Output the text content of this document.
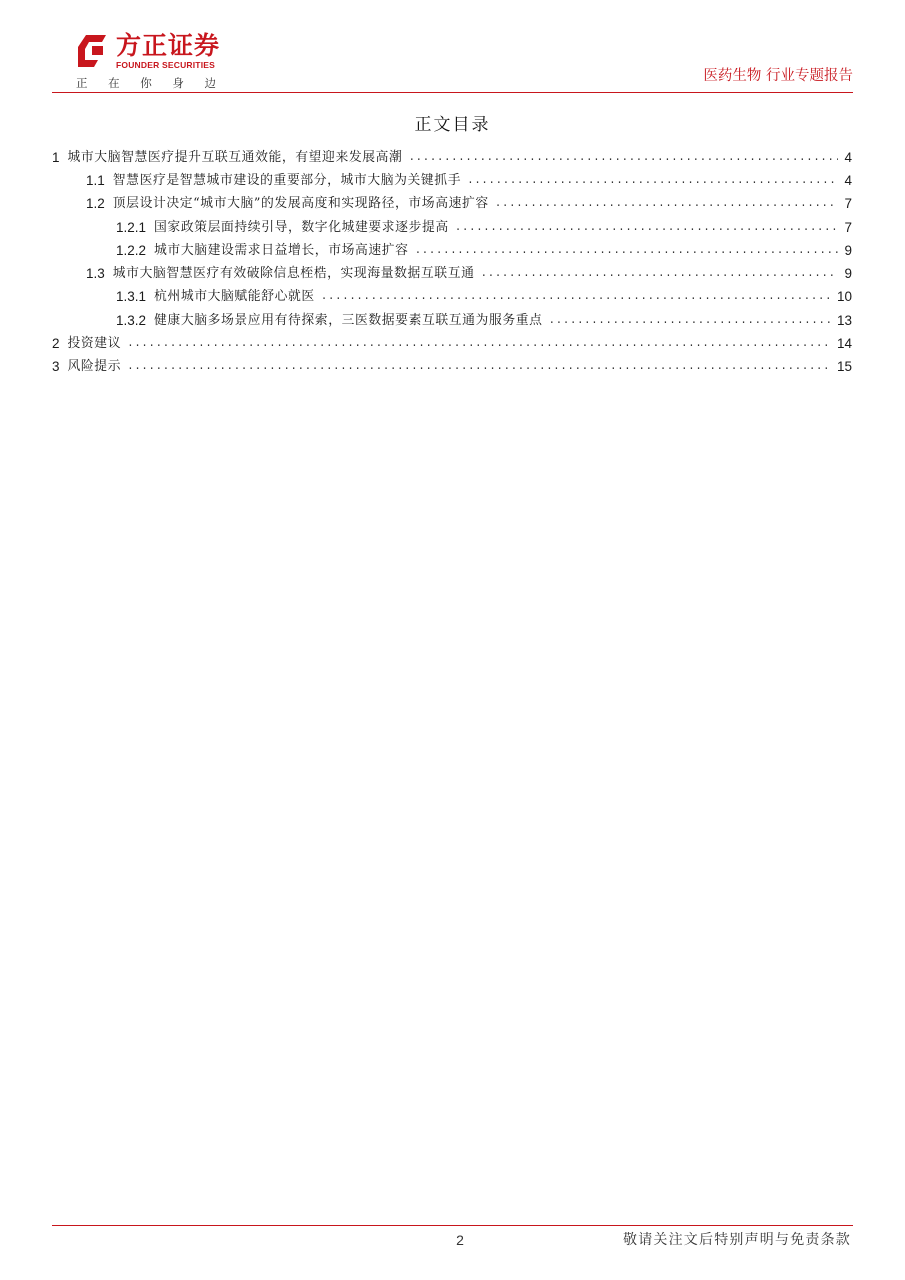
方正证券
FOUNDER SECURITIES
正 在 你 身 边	医药生物 行业专题报告
正文目录
1 城市大脑智慧医疗提升互联互通效能，有望迎来发展高潮 .....	4
1.1 智慧医疗是智慧城市建设的重要部分，城市大脑为关键抓手 .....	4
1.2 顶层设计决定“城市大脑”的发展高度和实现路径，市场高速扩容 .....	7
1.2.1 国家政策层面持续引导，数字化城建要求逐步提高 .....	7
1.2.2 城市大脑建设需求日益增长，市场高速扩容 .....	9
1.3 城市大脑智慧医疗有效破除信息桎梏，实现海量数据互联互通 .....	9
1.3.1 杭州城市大脑赋能舒心就医 .....	10
1.3.2 健康大脑多场景应用有待探索，三医数据要素互联互通为服务重点 .....	13
2 投资建议 .....	14
3 风险提示 .....	15
2	敬请关注文后特别声明与免责条款
